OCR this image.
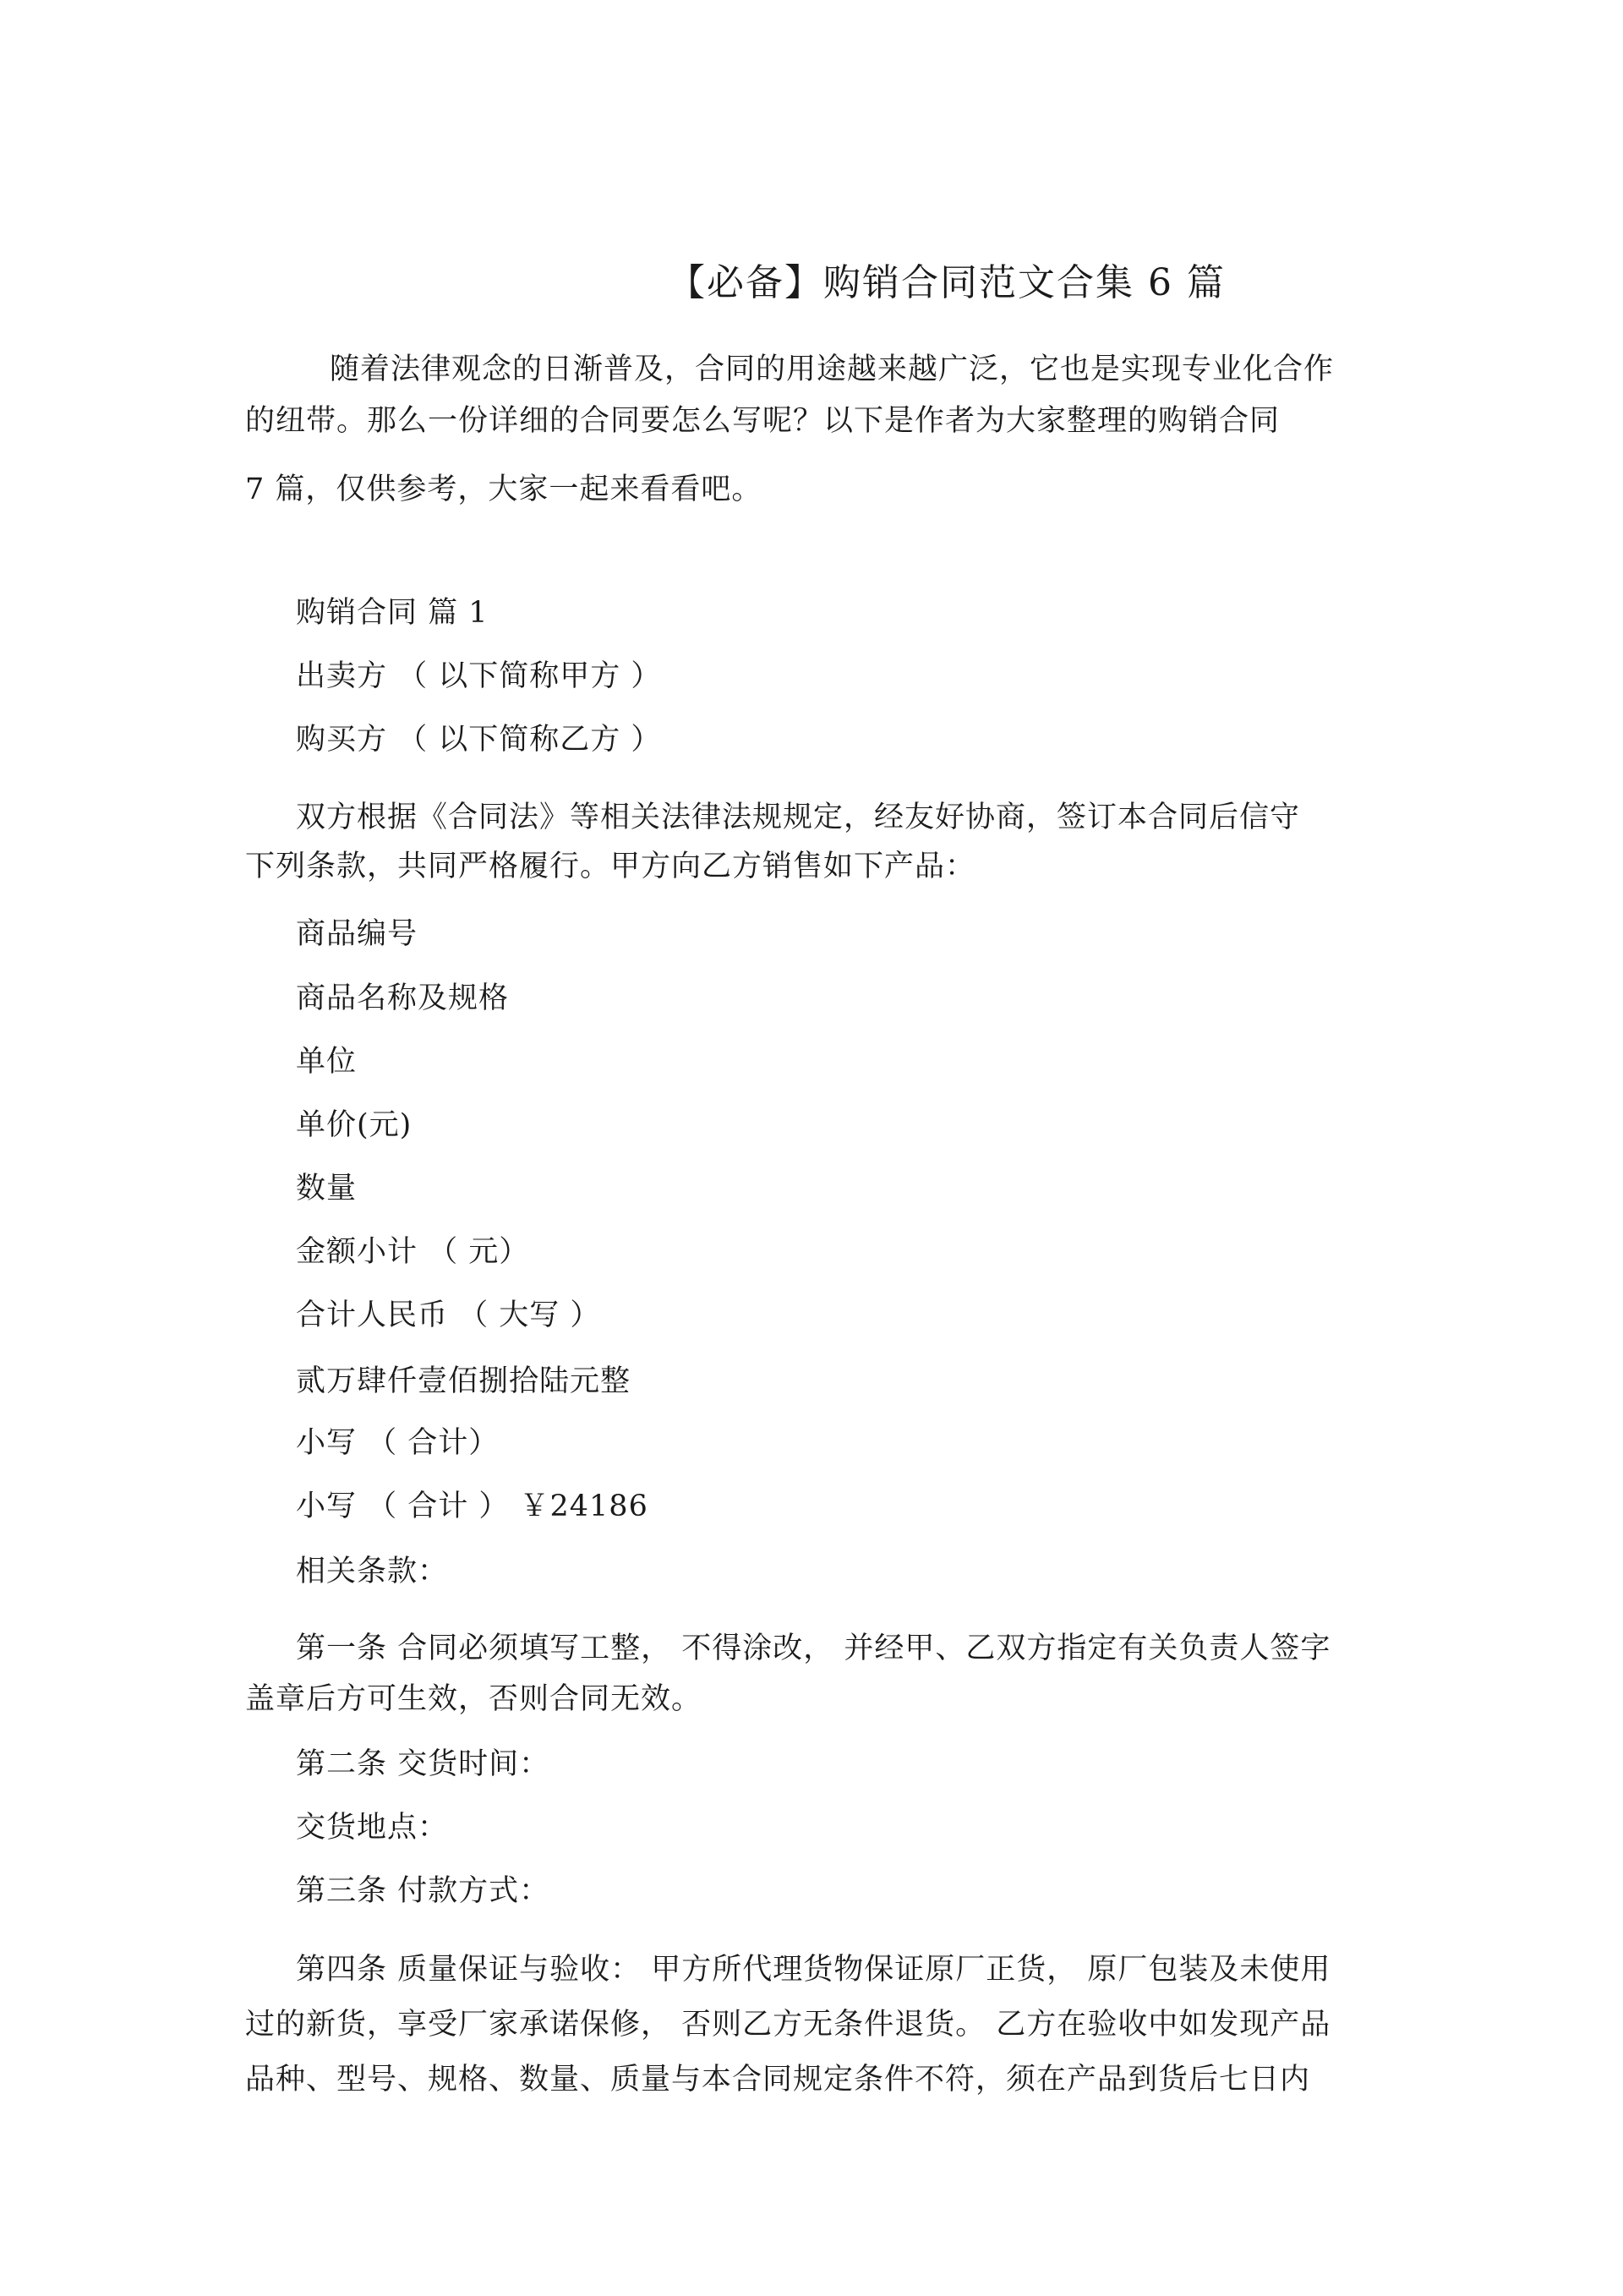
【必备】购销合同范文合集 6 篇
随着法律观念的日渐普及，合同的用途越来越广泛，它也是实现专业化合作
的纽带。那么一份详细的合同要怎么写呢？以下是作者为大家整理的购销合同
7 篇，仅供参考，大家一起来看看吧。
购销合同 篇 1
出卖方 （ 以下简称甲方 ）
购买方 （ 以下简称乙方 ）
双方根据《合同法》等相关法律法规规定，经友好协商，签订本合同后信守
下列条款，共同严格履行。甲方向乙方销售如下产品：
商品编号
商品名称及规格
单位
单价(元)
数量
金额小计 （ 元）
合计人民币 （ 大写 ）
贰万肆仟壹佰捌拾陆元整
小写 （ 合计）
小写 （ 合计 ） ￥24186
相关条款：
第一条 合同必须填写工整， 不得涂改， 并经甲、乙双方指定有关负责人签字
盖章后方可生效，否则合同无效。
第二条 交货时间：
交货地点：
第三条 付款方式：
第四条 质量保证与验收： 甲方所代理货物保证原厂正货， 原厂包装及未使用
过的新货，享受厂家承诺保修， 否则乙方无条件退货。 乙方在验收中如发现产品
品种、型号、规格、数量、质量与本合同规定条件不符，须在产品到货后七日内
